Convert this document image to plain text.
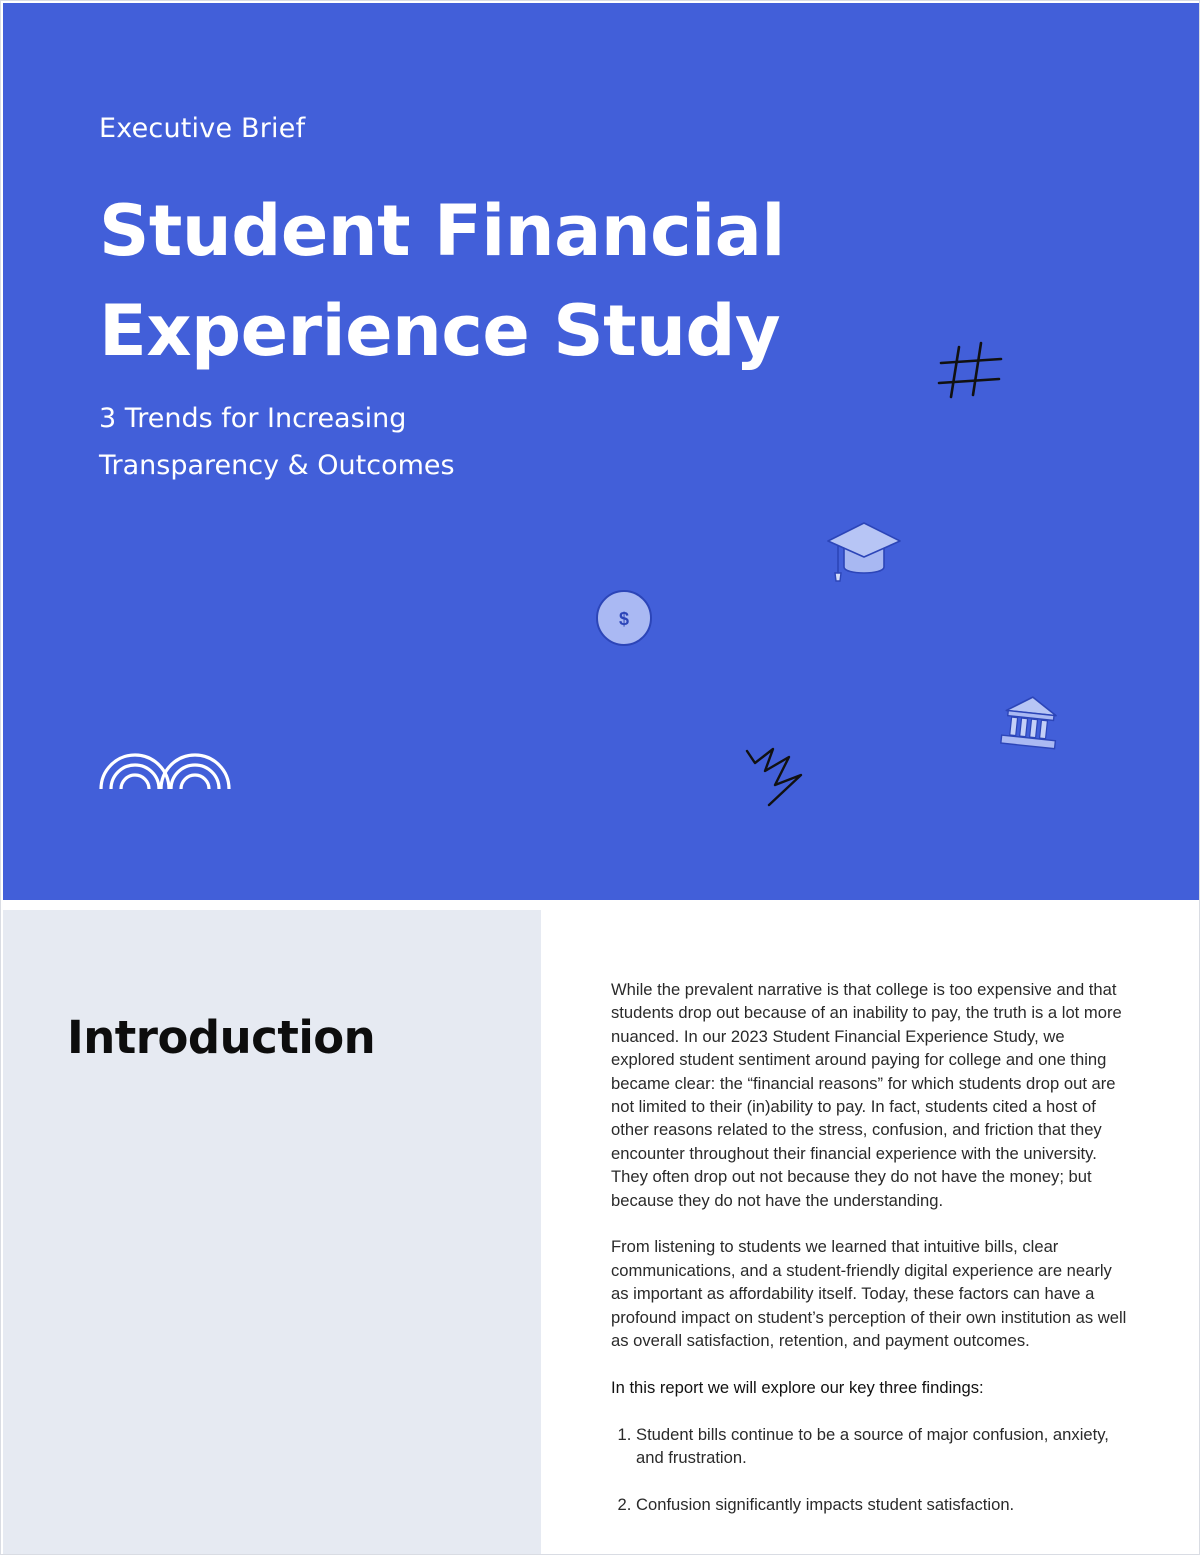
Executive Brief
Student Financial
Experience Study
3 Trends for Increasing
Transparency & Outcomes
$
Introduction

While the prevalent narrative is that college is too expensive and that students drop out because of an inability to pay, the truth is a lot more nuanced. In our 2023 Student Financial Experience Study, we explored student sentiment around paying for college and one thing became clear: the “financial reasons” for which students drop out are not limited to their (in)ability to pay. In fact, students cited a host of other reasons related to the stress, confusion, and friction that they encounter throughout their financial experience with the university. They often drop out not because they do not have the money; but because they do not have the understanding.

From listening to students we learned that intuitive bills, clear communications, and a student-friendly digital experience are nearly as important as affordability itself. Today, these factors can have a profound impact on student’s perception of their own institution as well as overall satisfaction, retention, and payment outcomes.

In this report we will explore our key three findings:

1. Student bills continue to be a source of major confusion, anxiety, and frustration.
2. Confusion significantly impacts student satisfaction.
